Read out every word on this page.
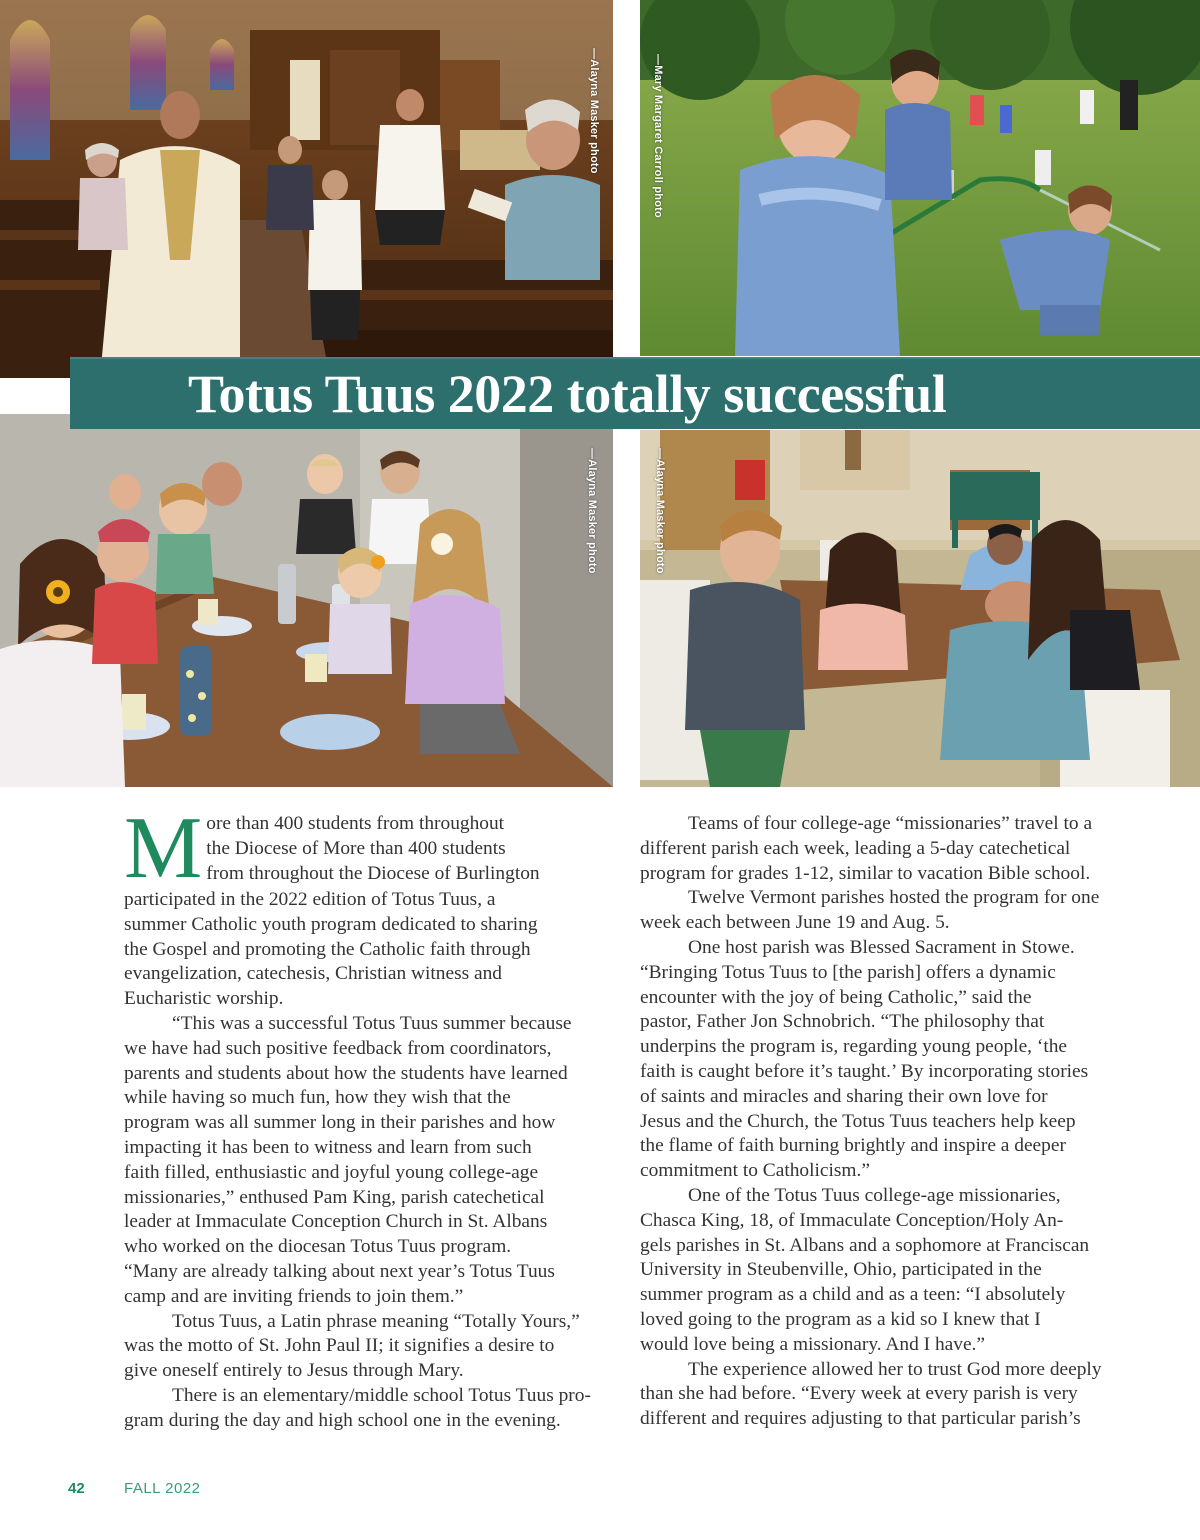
—Alayna Masker photo	—Mary Margaret Carroll photo
—Alayna Masker photo	—Alayna Masker photo
Totus Tuus 2022 totally successful
M ore than 400 students from throughout
the Diocese of More than 400 students
from throughout the Diocese of Burlington
participated in the 2022 edition of Totus Tuus, a
summer Catholic youth program dedicated to sharing
the Gospel and promoting the Catholic faith through
evangelization, catechesis, Christian witness and
Eucharistic worship.

“This was a successful Totus Tuus summer because
we have had such positive feedback from coordinators,
parents and students about how the students have learned
while having so much fun, how they wish that the
program was all summer long in their parishes and how
impacting it has been to witness and learn from such
faith filled, enthusiastic and joyful young college-age
missionaries,” enthused Pam King, parish catechetical
leader at Immaculate Conception Church in St. Albans
who worked on the diocesan Totus Tuus program.
“Many are already talking about next year’s Totus Tuus
camp and are inviting friends to join them.”

Totus Tuus, a Latin phrase meaning “Totally Yours,”
was the motto of St. John Paul II; it signifies a desire to
give oneself entirely to Jesus through Mary.

There is an elementary/middle school Totus Tuus pro-
gram during the day and high school one in the evening.

Teams of four college-age “missionaries” travel to a
different parish each week, leading a 5-day catechetical
program for grades 1-12, similar to vacation Bible school.

Twelve Vermont parishes hosted the program for one
week each between June 19 and Aug. 5.

One host parish was Blessed Sacrament in Stowe.
“Bringing Totus Tuus to [the parish] offers a dynamic
encounter with the joy of being Catholic,” said the
pastor, Father Jon Schnobrich. “The philosophy that
underpins the program is, regarding young people, ‘the
faith is caught before it’s taught.’ By incorporating stories
of saints and miracles and sharing their own love for
Jesus and the Church, the Totus Tuus teachers help keep
the flame of faith burning brightly and inspire a deeper
commitment to Catholicism.”

One of the Totus Tuus college-age missionaries,
Chasca King, 18, of Immaculate Conception/Holy An-
gels parishes in St. Albans and a sophomore at Franciscan
University in Steubenville, Ohio, participated in the
summer program as a child and as a teen: “I absolutely
loved going to the program as a kid so I knew that I
would love being a missionary. And I have.”

The experience allowed her to trust God more deeply
than she had before. “Every week at every parish is very
different and requires adjusting to that particular parish’s

42	FALL 2022
